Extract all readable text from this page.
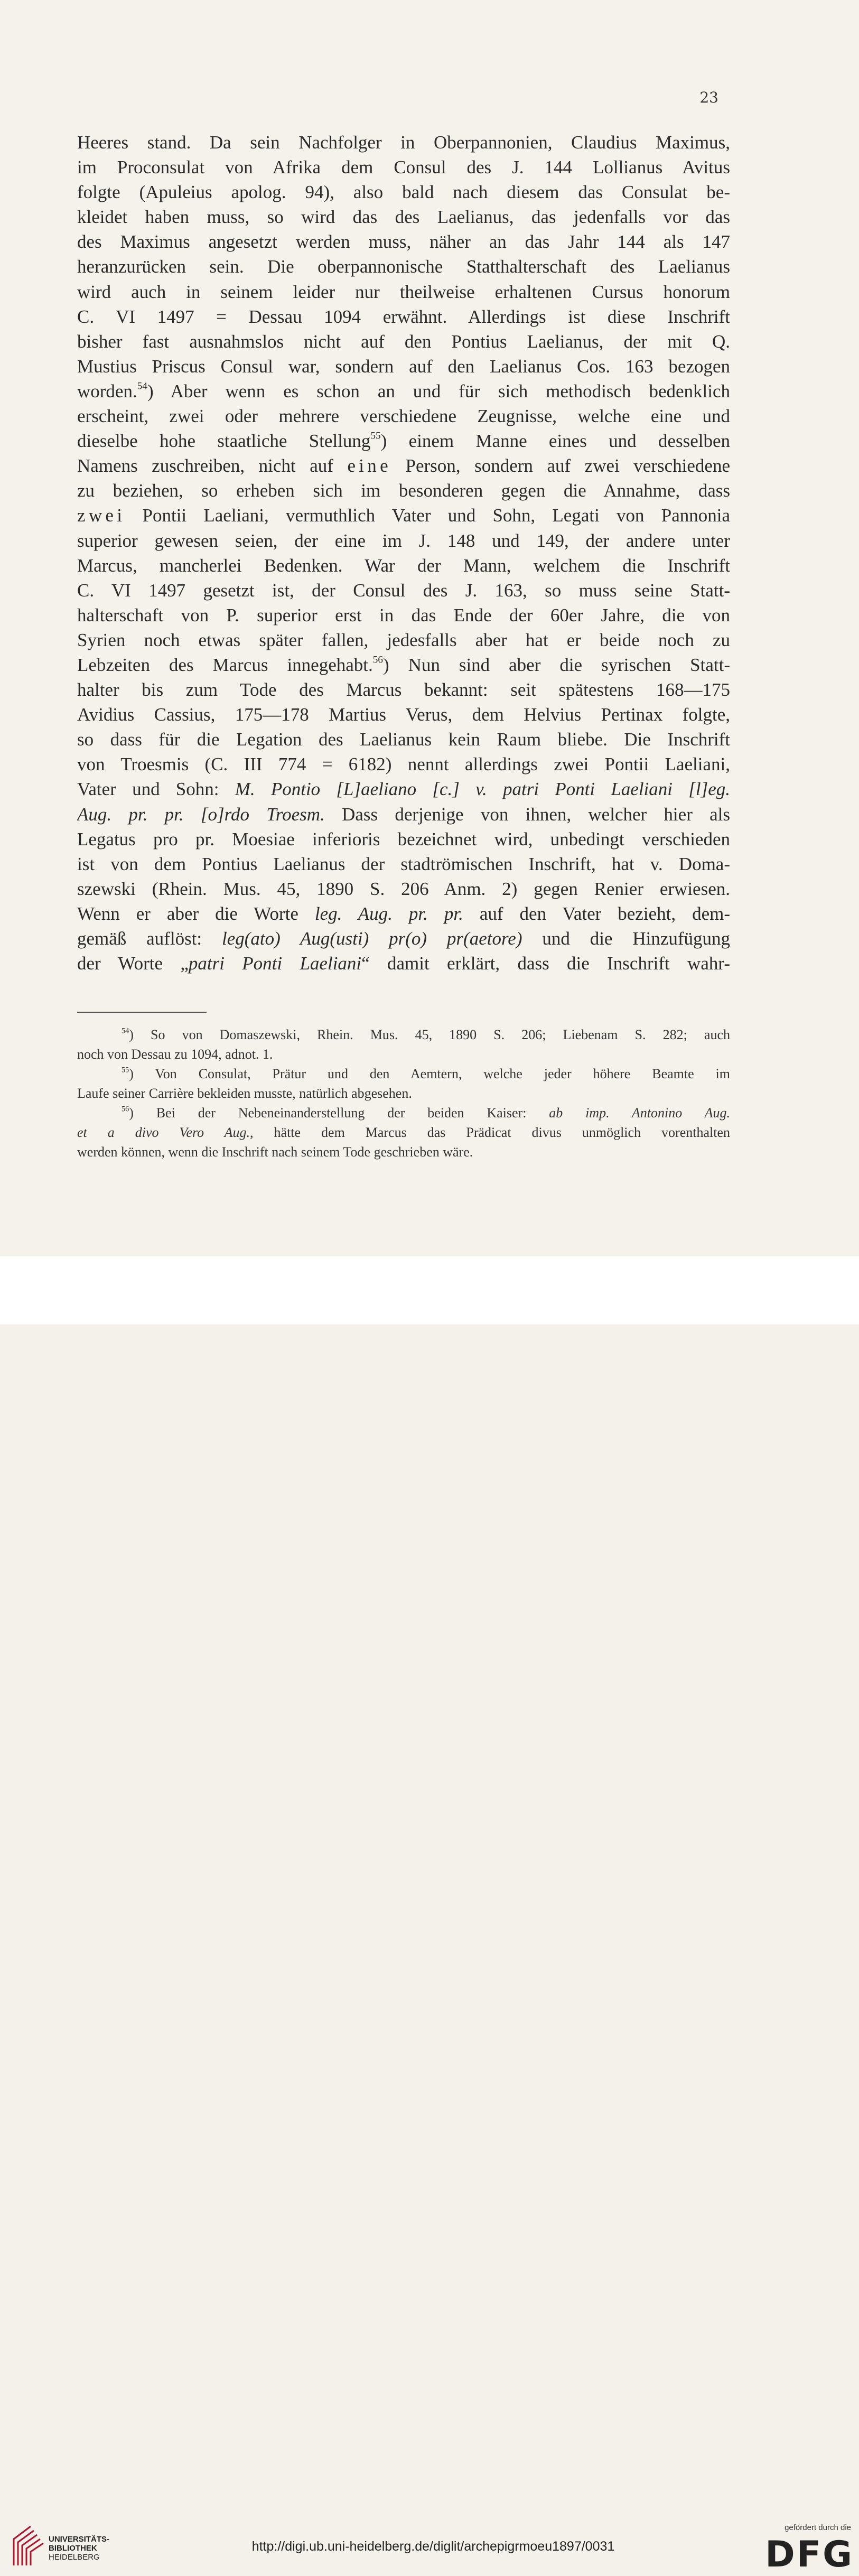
23
Heeres stand. Da sein Nachfolger in Oberpannonien, Claudius Maximus,
im Proconsulat von Afrika dem Consul des J. 144 Lollianus Avitus
folgte (Apuleius apolog. 94), also bald nach diesem das Consulat be-
kleidet haben muss, so wird das des Laelianus, das jedenfalls vor das
des Maximus angesetzt werden muss, näher an das Jahr 144 als 147
heranzurücken sein. Die oberpannonische Statthalterschaft des Laelianus
wird auch in seinem leider nur theilweise erhaltenen Cursus honorum
C. VI 1497 = Dessau 1094 erwähnt. Allerdings ist diese Inschrift
bisher fast ausnahmslos nicht auf den Pontius Laelianus, der mit Q.
Mustius Priscus Consul war, sondern auf den Laelianus Cos. 163 bezogen
worden.$^{54}$) Aber wenn es schon an und für sich methodisch bedenklich
erscheint, zwei oder mehrere verschiedene Zeugnisse, welche eine und
dieselbe hohe staatliche Stellung$^{55}$) einem Manne eines und desselben
Namens zuschreiben, nicht auf eine Person, sondern auf zwei verschiedene
zu beziehen, so erheben sich im besonderen gegen die Annahme, dass
zwei Pontii Laeliani, vermuthlich Vater und Sohn, Legati von Pannonia
superior gewesen seien, der eine im J. 148 und 149, der andere unter
Marcus, mancherlei Bedenken. War der Mann, welchem die Inschrift
C. VI 1497 gesetzt ist, der Consul des J. 163, so muss seine Statt-
halterschaft von P. superior erst in das Ende der 60er Jahre, die von
Syrien noch etwas später fallen, jedesfalls aber hat er beide noch zu
Lebzeiten des Marcus innegehabt.$^{56}$) Nun sind aber die syrischen Statt-
halter bis zum Tode des Marcus bekannt: seit spätestens 168—175
Avidius Cassius, 175—178 Martius Verus, dem Helvius Pertinax folgte,
so dass für die Legation des Laelianus kein Raum bliebe. Die Inschrift
von Troesmis (C. III 774 = 6182) nennt allerdings zwei Pontii Laeliani,
Vater und Sohn: M. Pontio [L]aeliano [c.] v. patri Ponti Laeliani [l]eg.
Aug. pr. pr. [o]rdo Troesm. Dass derjenige von ihnen, welcher hier als
Legatus pro pr. Moesiae inferioris bezeichnet wird, unbedingt verschieden
ist von dem Pontius Laelianus der stadtrömischen Inschrift, hat v. Doma-
szewski (Rhein. Mus. 45, 1890 S. 206 Anm. 2) gegen Renier erwiesen.
Wenn er aber die Worte leg. Aug. pr. pr. auf den Vater bezieht, dem-
gemäß auflöst: leg(ato) Aug(usti) pr(o) pr(aetore) und die Hinzufügung
der Worte „patri Ponti Laeliani“ damit erklärt, dass die Inschrift wahr-
$^{54}$) So von Domaszewski, Rhein. Mus. 45, 1890 S. 206; Liebenam S. 282; auch
noch von Dessau zu 1094, adnot. 1.
$^{55}$) Von Consulat, Prätur und den Aemtern, welche jeder höhere Beamte im
Laufe seiner Carrière bekleiden musste, natürlich abgesehen.
$^{56}$) Bei der Nebeneinanderstellung der beiden Kaiser: ab imp. Antonino Aug.
et a divo Vero Aug., hätte dem Marcus das Prädicat divus unmöglich vorenthalten
werden können, wenn die Inschrift nach seinem Tode geschrieben wäre.
UNIVERSITÄTS-
BIBLIOTHEK
HEIDELBERG
http://digi.ub.uni-heidelberg.de/diglit/archepigrmoeu1897/0031
gefördert durch die
DFG
